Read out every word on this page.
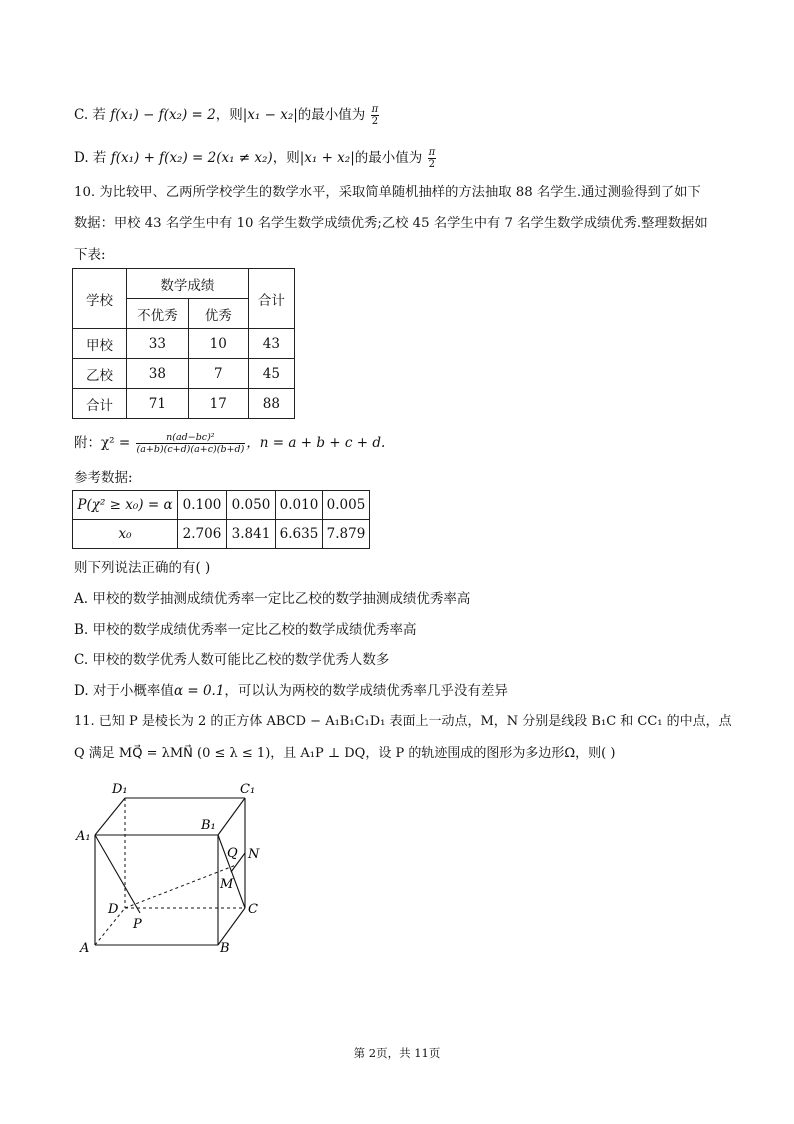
C. 若 f(x₁) − f(x₂) = 2，则|x₁ − x₂|的最小值为 $\frac{\pi}{2}$
D. 若 f(x₁) + f(x₂) = 2(x₁ ≠ x₂)，则|x₁ + x₂|的最小值为 $\frac{\pi}{2}$
10. 为比较甲、乙两所学校学生的数学水平，采取简单随机抽样的方法抽取 88 名学生.通过测验得到了如下
数据：甲校 43 名学生中有 10 名学生数学成绩优秀;乙校 45 名学生中有 7 名学生数学成绩优秀.整理数据如
下表:
学校	数学成绩		合计
	不优秀	优秀	
甲校	33	10	43
乙校	38	7	45
合计	71	17	88
附：$\chi^2 = \frac{\text{n(ad−bc)²}}{(a+b)(c+d)(a+c)(b+d)}$ ，n = a + b + c + d.
参考数据:
P(χ² ≥ x₀) = α	0.100	0.050	0.010	0.005
x₀	2.706	3.841	6.635	7.879
则下列说法正确的有( )
A. 甲校的数学抽测成绩优秀率一定比乙校的数学抽测成绩优秀率高
B. 甲校的数学成绩优秀率一定比乙校的数学成绩优秀率高
C. 甲校的数学优秀人数可能比乙校的数学优秀人数多
D. 对于小概率值α = 0.1，可以认为两校的数学成绩优秀率几乎没有差异
11. 已知 P 是棱长为 2 的正方体 ABCD − A₁B₁C₁D₁ 表面上一动点，M，N 分别是线段 B₁C 和 CC₁ 的中点，点
Q 满足 MQ⃗ = λMN⃗ (0 ≤ λ ≤ 1)，且 A₁P ⊥ DQ，设 P 的轨迹围成的图形为多边形Ω，则( )
D₁	C₁
A₁
B₁
Q N
M
D	C
P
A	B
第 2页，共 11页
